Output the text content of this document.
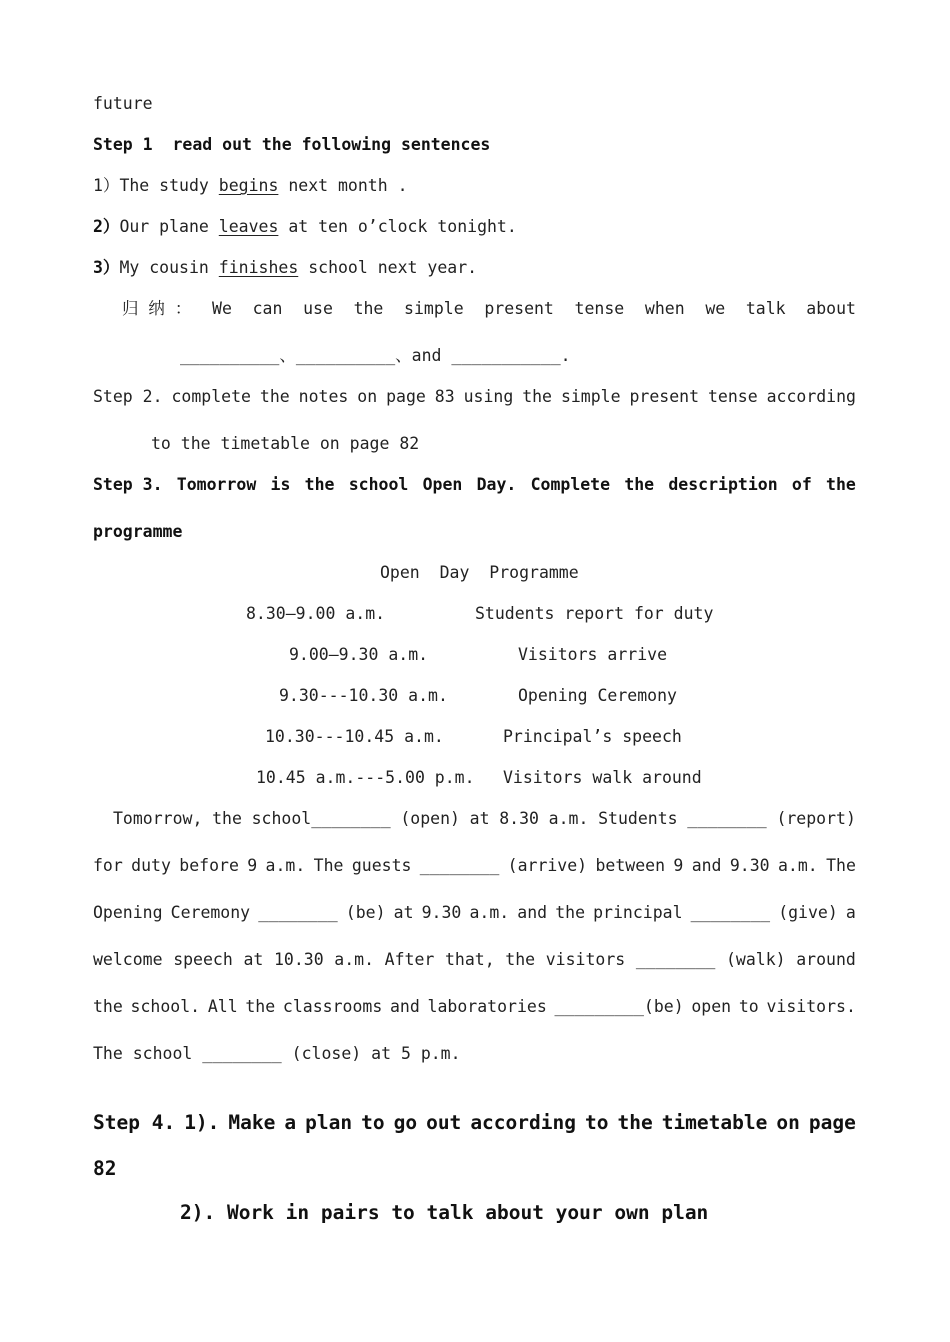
future
Step 1  read out the following sentences
1）The study begins next month .
2）Our plane leaves at ten o’clock tonight.
3）My cousin finishes school next year.
归 纳 ： We can use the simple present tense when we talk about
__________、__________、and ___________.
Step 2. complete the notes on page 83 using the simple present tense according
to the timetable on page 82
Step 3. Tomorrow is the school Open Day. Complete the description of the
programme
Open  Day  Programme
8.30—9.00 a.m.	Students report for duty
9.00—9.30 a.m.	Visitors arrive
9.30---10.30 a.m.	Opening Ceremony
10.30---10.45 a.m.	Principal’s speech
10.45 a.m.---5.00 p.m. Visitors walk around
Tomorrow, the school________ (open) at 8.30 a.m. Students ________ (report)
for duty before 9 a.m. The guests ________ (arrive) between 9 and 9.30 a.m. The
Opening Ceremony ________ (be) at 9.30 a.m. and the principal ________ (give) a
welcome speech at 10.30 a.m. After that, the visitors ________ (walk) around
the school. All the classrooms and laboratories _________(be) open to visitors.
The school ________ (close) at 5 p.m.
Step 4. 1). Make a plan to go out according to the timetable on page
82
2). Work in pairs to talk about your own plan
